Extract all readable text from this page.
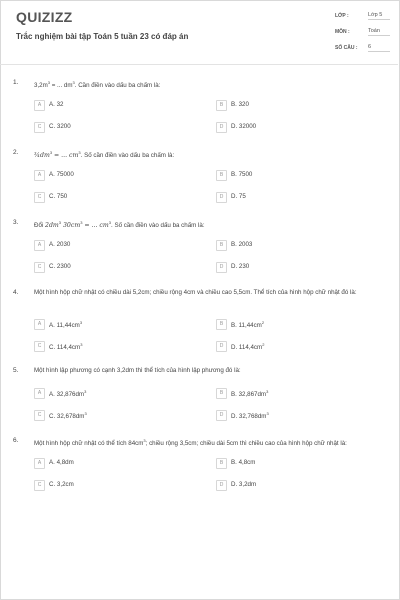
QUIZIZZ
Trắc nghiệm bài tập Toán 5 tuần 23 có đáp án
LỚP :	Lớp 5
MÔN :	Toán
SỐ CÂU : 6
1.	$3,2m^3$ = ... $dm^3$. Cần điền vào dấu ba chấm là:
A	A. 32	B	B. 320
C	C. 3200	D	D. 32000
2.	$\frac{3}{4}dm^3$ = ... $cm^3$. Số cần điền vào dấu ba chấm là:
A	A. 75000	B	B. 7500
C	C. 750	D	D. 75
3.	Đổi $2dm^3$ $30cm^3$ = ... $cm^3$. Số cần điền vào dấu ba chấm là:
A	A. 2030	B	B. 2003
C	C. 2300	D	D. 230
4.	Một hình hộp chữ nhật có chiều dài 5,2cm; chiều rộng 4cm và chiều cao 5,5cm. Thể tích của hình hộp chữ nhật đó là:
A	A. $11,44cm^3$	B	B. $11,44cm^2$
C	C. $114,4cm^3$	D	D. $114,4cm^2$
5.	Một hình lập phương có cạnh 3,2dm thì thể tích của hình lập phương đó là:
A	A. $32,876dm^3$	B	B. $32,867dm^3$
C	C. $32,678dm^3$	D	D. $32,768dm^3$
6.	Một hình hộp chữ nhật có thể tích $84cm^3$; chiều rộng 3,5cm; chiều dài 5cm thì chiều cao của hình hộp chữ nhật là:
A	A. 4,8dm	B	B. 4,8cm
C	C. 3,2cm	D	D. 3,2dm
